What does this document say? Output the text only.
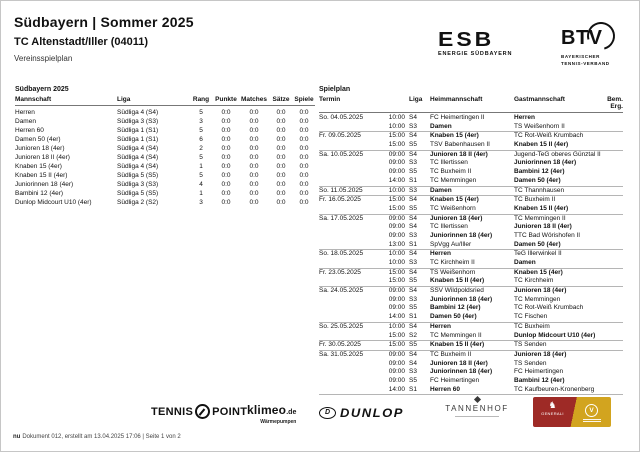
Südbayern | Sommer 2025
TC Altenstadt/Iller (04011)
Vereinsspielplan
ESB
ENERGIE SÜDBAYERN
BTV
BAYERISCHER
TENNIS-VERBAND
Südbayern 2025
Mannschaft	Liga	Rang Punkte Matches Sätze Spiele
Herren	Südliga 4 (S4)	5	0:0	0:0	0:0	0:0
Damen	Südliga 3 (S3)	3	0:0	0:0	0:0	0:0
Herren 60	Südliga 1 (S1)	5	0:0	0:0	0:0	0:0
Damen 50 (4er)	Südliga 1 (S1)	6	0:0	0:0	0:0	0:0
Junioren 18 (4er)	Südliga 4 (S4)	2	0:0	0:0	0:0	0:0
Junioren 18 II (4er)	Südliga 4 (S4)	5	0:0	0:0	0:0	0:0
Knaben 15 (4er)	Südliga 4 (S4)	1	0:0	0:0	0:0	0:0
Knaben 15 II (4er)	Südliga 5 (S5)	5	0:0	0:0	0:0	0:0
Juniorinnen 18 (4er)	Südliga 3 (S3)	4	0:0	0:0	0:0	0:0
Bambini 12 (4er)	Südliga 5 (S5)	1	0:0	0:0	0:0	0:0
Dunlop Midcourt U10 (4er)	Südliga 2 (S2)	3	0:0	0:0	0:0	0:0
Spielplan
Termin	Liga	Heimmannschaft	Gastmannschaft	Bem. Erg.
So. 04.05.2025	10:00 S4	FC Heimertingen II	Herren
10:00 S3	Damen	TS Weißenhorn II
Fr. 09.05.2025	15:00 S4	Knaben 15 (4er)	TC Rot-Weiß Krumbach
15:00 S5	TSV Babenhausen II	Knaben 15 II (4er)
Sa. 10.05.2025	09:00 S4	Junioren 18 II (4er)	Jugend-TeG oberes Günztal II
09:00 S3	TC Illertissen	Juniorinnen 18 (4er)
09:00 S5	TC Buxheim II	Bambini 12 (4er)
14:00 S1	TC Memmingen	Damen 50 (4er)
So. 11.05.2025	10:00 S3	Damen	TC Thannhausen
Fr. 16.05.2025	15:00 S4	Knaben 15 (4er)	TC Buxheim II
15:00 S5	TC Weißenhorn	Knaben 15 II (4er)
Sa. 17.05.2025	09:00 S4	Junioren 18 (4er)	TC Memmingen II
09:00 S4	TC Illertissen	Junioren 18 II (4er)
09:00 S3	Juniorinnen 18 (4er)	TTC Bad Wörishofen II
13:00 S1	SpVgg Au/Iller	Damen 50 (4er)
So. 18.05.2025	10:00 S4	Herren	TeG Illerwinkel II
10:00 S3	TC Kirchheim II	Damen
Fr. 23.05.2025	15:00 S4	TS Weißenhorn	Knaben 15 (4er)
15:00 S5	Knaben 15 II (4er)	TC Kirchheim
Sa. 24.05.2025	09:00 S4	SSV Wildpoldsried	Junioren 18 (4er)
09:00 S3	Juniorinnen 18 (4er)	TC Memmingen
09:00 S5	Bambini 12 (4er)	TC Rot-Weiß Krumbach
14:00 S1	Damen 50 (4er)	TC Fischen
So. 25.05.2025	10:00 S4	Herren	TC Buxheim
15:00 S2	TC Memmingen II	Dunlop Midcourt U10 (4er)
Fr. 30.05.2025	15:00 S5	Knaben 15 II (4er)	TS Senden
Sa. 31.05.2025	09:00 S4	TC Buxheim II	Junioren 18 (4er)
09:00 S4	Junioren 18 II (4er)	TS Senden
09:00 S3	Juniorinnen 18 (4er)	FC Heimertingen
09:00 S5	FC Heimertingen	Bambini 12 (4er)
14:00 S1	Herren 60	TC Kaufbeuren-Kronenberg
TENNIS POINT klimeo.de
Wärmepumpen
D DUNLOP	TANNENHOF	♞
GENERALI	V
nu Dokument 012, erstellt am 13.04.2025 17:06 | Seite 1 von 2
